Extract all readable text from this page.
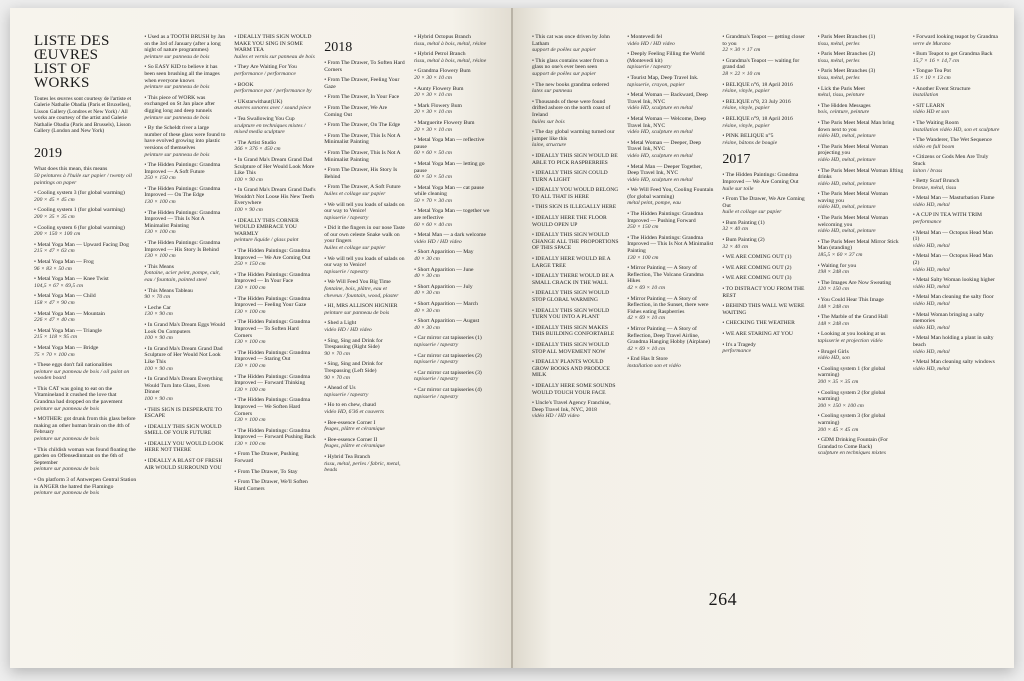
LISTE DES ŒUVRES
LIST OF WORKS
Toutes les œuvres sont courtesy de l'artiste et Galerie Nathalie Obadia (Paris et Bruxelles), Lisson Gallery (Londres et New York) / All works are courtesy of the artist and Galerie Nathalie Obadia (Paris and Brussels), Lisson Gallery (London and New York)
2019
What does this mean, this means
50 peintures à l'huile sur papier / twenty oil paintings on paper
• Cooling system 3 (for global warming)
200 × 45 × 45 cm
• Cooling system 1 (for global warming)
200 × 35 × 35 cm
• Cooling system 6 (for global warming)
200 × 150 × 100 cm
• Metal Yoga Man — Upward Facing Dog
215 × 47 × 63 cm
• Metal Yoga Man — Frog
96 × 83 × 50 cm
• Metal Yoga Man — Knee Twist
104,5 × 67 × 69,5 cm
• Metal Yoga Man — Child
158 × 47 × 90 cm
• Metal Yoga Man — Mountain
226 × 47 × 40 cm
• Metal Yoga Man — Triangle
215 × 118 × 95 cm
• Metal Yoga Man — Bridge
75 × 70 × 100 cm
• These eggs don't fail nationalities
peinture sur panneau de bois / oil paint on wooden board
• This CAT was going to eat on the Vitamineland it crushed the love that Grandma had dropped on the pavement
peinture sur panneau de bois
• MOTHER: got drunk from this glass before making an other human brain on the 4th of February
peinture sur panneau de bois
• This childish woman was found floating the garden on Offensedinntaat on the 6th of September
peinture sur panneau de bois
• On platform 3 of Antwerpen Central Station in ANGER the hatred the Flamingo
peinture sur panneau de bois
• Used as a TOOTH BRUSH by Jan on the 3rd of January (after a long night of nature programmes)
peinture sur panneau de bois
• So EASY KID to believe it has been seen brushing all the images when everyone knows
peinture sur panneau de bois
• This piece of WORK was exchanged on St Jan place after digging long and deep tunnels
peinture sur panneau de bois
• By the Scheldt river a large number of these glass were found to have evolved growing into plastic versions of themselves
peinture sur panneau de bois
• The Hidden Paintings: Grandma Improved — A Soft Future
250 × 150 cm
• The Hidden Paintings: Grandma Improved — On The Edge
130 × 100 cm
• The Hidden Paintings: Grandma Improved — This Is Not A Minimalist Painting
130 × 100 cm
• The Hidden Paintings: Grandma Improved — His Story Is Behind
130 × 100 cm
• This Means
fontaine, acier peint, pompe, cuir, eau / fountain, painted steel
• This Means Tableau
90 × 70 cm
• Leche Car
130 × 90 cm
• In Grand Ma's Dream Eggs Would Look On Computers
100 × 90 cm
• In Grand Ma's Dream Grand Dad Sculpture of Her Would Not Look Like This
100 × 90 cm
• In Grand Ma's Dream Everything Would Turn Into Glass, Even Dinner
100 × 90 cm
• THIS SIGN IS DESPERATE TO ESCAPE
• IDEALLY THIS SIGN WOULD SMELL OF YOUR FUTURE
• IDEALLY YOU WOULD LOOK HERE NOT THERE
• IDEALLY A BLAST OF FRESH AIR WOULD SURROUND YOU
• IDEALLY THIS SIGN WOULD MAKE YOU SING IN SOME WARM TEA
huiles et vernis sur panneau de bois
• They Are Waiting For You
performance / performance
• BOOK
performance par / performance by
• UKstarwithaut(UK)
œuvres sonores avec / sound piece
• Tea Swallowing You Cup
sculpture en techniques mixtes / mixed media sculpture
• The Artist Studio
366 × 376 × 450 cm
• In Grand Ma's Dream Grand Dad Sculpture of Her Would Look More Like This
100 × 90 cm
• In Grand Ma's Dream Grand Dad's Wouldn't Not Loose His New Teeth Everywhere
100 × 90 cm
• IDEALLY THIS CORNER WOULD EMBRACE YOU WARMLY
peinture liquide / glass paint
• The Hidden Paintings: Grandma Improved — We Are Coming Out
250 × 150 cm
• The Hidden Paintings: Grandma Improved — In Your Face
130 × 100 cm
• The Hidden Paintings: Grandma Improved — Feeling Your Gaze
130 × 100 cm
• The Hidden Paintings: Grandma Improved — To Soften Hard Corners
130 × 100 cm
• The Hidden Paintings: Grandma Improved — Staring Out
130 × 100 cm
• The Hidden Paintings: Grandma Improved — Forward Thinking
130 × 100 cm
• The Hidden Paintings: Grandma Improved — We Soften Hard Corners
130 × 100 cm
• The Hidden Paintings: Grandma Improved — Forward Pushing Back
130 × 100 cm
• From The Drawer, Pushing Forward
• From The Drawer, To Stay
• From The Drawer, We'll Soften Hard Corners
2018
• From The Drawer, To Soften Hard Corners
• From The Drawer, Feeling Your Gaze
• From The Drawer, In Your Face
• From The Drawer, We Are Coming Out
• From The Drawer, On The Edge
• From The Drawer, This Is Not A Minimalist Painting
• From The Drawer, This Is Not A Minimalist Painting
• From The Drawer, His Story Is Behind
• From The Drawer, A Soft Future
huiles et collage sur papier
• We will tell you loads of salads on our way to Venice!
tapisserie / tapestry
• Did it the fingers in our nose Taste of our own celeste Snake walk on your fingers
huiles et collage sur papier
• We will tell you loads of salads on our way to Venice!
tapisserie / tapestry
• We Will Feed You Big Time
fontaine, bois, plâtre, eau et cheveux / fountain, wood, plaster
• HI, MRS ALLISON HIGNIER
peinture sur panneau de bois
• Shed a Light
vidéo HD / HD video
• Sing, Sing and Drink for Trespassing (Right Side)
90 × 70 cm
• Sing, Sing and Drink for Trespassing (Left Side)
90 × 70 cm
• Ahead of Us
tapisserie / tapestry
• Ho to en chew, chaud
vidéo HD, 6'36 et couverts
• Bee-essence Corner I
feuges, plâtre et céramique
• Bee-essence Corner II
feuges, plâtre et céramique
• Hybrid Tea Branch
tissu, métal, perles / fabric, metal, beads
• Hybrid Octopus Branch
tissu, métal à bois, métal, résine
• Hybrid Petrol Branch
tissu, métal à bois, métal, résine
• Grandma Flowery Bum
20 × 30 × 10 cm
• Aunty Flowery Bum
20 × 30 × 10 cm
• Mark Flowery Bum
20 × 30 × 10 cm
• Marguerite Flowery Bum
20 × 30 × 10 cm
• Metal Yoga Man — reflective pause
60 × 60 × 50 cm
• Metal Yoga Man — letting go pause
60 × 50 × 50 cm
• Metal Yoga Man — cat pause while cleaning
50 × 70 × 30 cm
• Metal Yoga Man — together we are reflective
60 × 60 × 40 cm
• Metal Man — a dark welcome
vidéo HD / HD video
• Short Apparition — May
40 × 30 cm
• Short Apparition — June
40 × 30 cm
• Short Apparition — July
40 × 30 cm
• Short Apparition — March
40 × 30 cm
• Short Apparition — August
40 × 30 cm
• Car mirror cat tapisseries (1)
tapisserie / tapestry
• Car mirror cat tapisseries (2)
tapisserie / tapestry
• Car mirror cat tapisseries (3)
tapisserie / tapestry
• Car mirror cat tapisseries (4)
tapisserie / tapestry
• This cat was once driven by John Latham
support de poêles sur papier
• This glass contains water from a glass no one's ever been seen
support de poêles sur papier
• The new books grandma ordered
latex sur panneau
• Thousands of these were found drifted ashore on the north coast of Ireland
huiles sur bois
• The day global warming turned our jumper like this
laine, structure
• IDEALLY THIS SIGN WOULD BE ABLE TO PICK RASPBERRIES
• IDEALLY THIS SIGN COULD TURN A LIGHT
• IDEALLY YOU WOULD BELONG TO ALL THAT IS HERE
• THIS SIGN IS ILLEGALLY HERE
• IDEALLY HERE THE FLOOR WOULD OPEN UP
• IDEALLY THIS SIGN WOULD CHANGE ALL THE PROPORTIONS OF THIS SPACE
• IDEALLY HERE WOULD BE A LARGE TREE
• IDEALLY THERE WOULD BE A SMALL CRACK IN THE WALL
• IDEALLY THIS SIGN WOULD STOP GLOBAL WARMING
• IDEALLY THIS SIGN WOULD TURN YOU INTO A PLANT
• IDEALLY THIS SIGN MAKES THIS BUILDING CONFORTABLE
• IDEALLY THIS SIGN WOULD STOP ALL MOVEMENT NOW
• IDEALLY PLANTS WOULD GROW BOOKS AND PRODUCE MILK
• IDEALLY HERE SOME SOUNDS WOULD TOUCH YOUR FACE
• Uncle's Travel Agency Franchise, Deep Travel Ink, NYC, 2018
vidéo HD / HD video
• Montevedi fel
vidéo HD / HD video
• Deeply Feeling Filling the World (Montevedi kit)
tapisserie / tapestry
• Tourist Map, Deep Travel Ink.
tapisserie, crayon, papier
• Metal Woman — Backward, Deep Travel Ink, NYC
vidéo HD, sculpture en métal
• Metal Woman — Welcome, Deep Travel Ink, NYC
vidéo HD, sculpture en métal
• Metal Woman — Deeper, Deep Travel Ink, NYC
vidéo HD, sculpture en métal
• Metal Man — Deeper Together, Deep Travel Ink, NYC
vidéo HD, sculpture en métal
• We Will Feed You, Cooling Fountain (for global warming)
métal peint, pompe, eau
• The Hidden Paintings: Grandma Improved — Pushing Forward
250 × 150 cm
• The Hidden Paintings: Grandma Improved — This Is Not A Minimalist Painting
130 × 100 cm
• Mirror Painting — A Story of Reflection, The Volcano Grandma Hikes
42 × 69 × 10 cm
• Mirror Painting — A Story of Reflection, in the Sunset, there were Fishes eating Raspberries
42 × 69 × 10 cm
• Mirror Painting — A Story of Reflection, Deep Travel Airline, Grandma Hanging Hobby (Airplane)
42 × 69 × 10 cm
• End Has It Store
installation son et vidéo
• Grandma's Teapot — getting closer to you
22 × 30 × 17 cm
• Grandma's Teapot — waiting for grand dad
28 × 22 × 10 cm
• BELIQUE n°6, 18 April 2016
résine, vinyle, papier
• BELIQUE n°8, 23 July 2016
résine, vinyle, papier
• BELIQUE n°9, 18 April 2016
résine, vinyle, papier
• PINK BELIQUE n°5
résine, bâtons de bougie
2017
• The Hidden Paintings: Grandma Improved — We Are Coming Out
huile sur toile
• From The Drawer, We Are Coming Out
huile et collage sur papier
• Bum Painting (1)
32 × 40 cm
• Bum Painting (2)
32 × 40 cm
• WE ARE COMING OUT (1)
• WE ARE COMING OUT (2)
• WE ARE COMING OUT (3)
• TO DISTRACT YOU FROM THE REST
• BEHIND THIS WALL WE WERE WAITING
• CHECKING THE WEATHER
• WE ARE STARING AT YOU
• It's a Tragedy
performance
• Paris Meet Branches (1)
tissu, métal, perles
• Paris Meet Branches (2)
tissu, métal, perles
• Paris Meet Branches (3)
tissu, métal, perles
• Lick the Paris Meet
métal, tissu, peinture
• The Hidden Messages
bois, ceinture, peinture
• The Paris Meet Metal Man bring down next to you
vidéo HD, métal, peinture
• The Paris Meet Metal Woman projecting you
vidéo HD, métal, peinture
• The Paris Meet Metal Woman lifting drinks
vidéo HD, métal, peinture
• The Paris Meet Metal Woman waving you
vidéo HD, métal, peinture
• The Paris Meet Metal Woman welcoming you
vidéo HD, métal, peinture
• The Paris Meet Metal Mirror Stick Man (standing)
185,5 × 60 × 37 cm
• Waiting for you
198 × 248 cm
• The Images Are Now Sweating
120 × 150 cm
• You Could Hear This Image
148 × 248 cm
• The Marble of the Grand Hall
148 × 248 cm
• Looking at you looking at us
tapisserie et projection vidéo
• Brugel Girls
vidéo HD, son
• Cooling system 1 (for global warming)
200 × 35 × 35 cm
• Cooling system 2 (for global warming)
200 × 150 × 100 cm
• Cooling system 3 (for global warming)
200 × 45 × 45 cm
• GDM Drinking Fountain (For Grandad to Come Back)
sculpture en techniques mixtes
• Forward looking teapot by Grandma
verre de Murano
• Bum Teapot to get Grandma Back
15,7 × 16 × 14,7 cm
• Tongue Tea Pot
15 × 10 × 13 cm
• Another Event Structure
installation
• SIT LEARN
vidéo HD et son
• The Waiting Room
installation vidéo HD, son et sculpture
• The Wanderer, The Wet Sequence
vidéo en full boom
• Citizens or Gods Men Are Truly Stuck
laiton / brass
• Betty Scarf Brunch
bronze, métal, tissu
• Metal Man — Masturbation Flame
vidéo HD, métal
• A CUP IN TEA WITH TRIM
performance
• Metal Man — Octopus Head Man (1)
vidéo HD, métal
• Metal Man — Octopus Head Man (2)
vidéo HD, métal
• Metal Salty Woman looking higher
vidéo HD, métal
• Metal Man cleaning the salty floor
vidéo HD, métal
• Metal Woman bringing a salty memories
vidéo HD, métal
• Metal Man holding a plant in salty beach
vidéo HD, métal
• Metal Man cleaning salty windows
vidéo HD, métal
264
